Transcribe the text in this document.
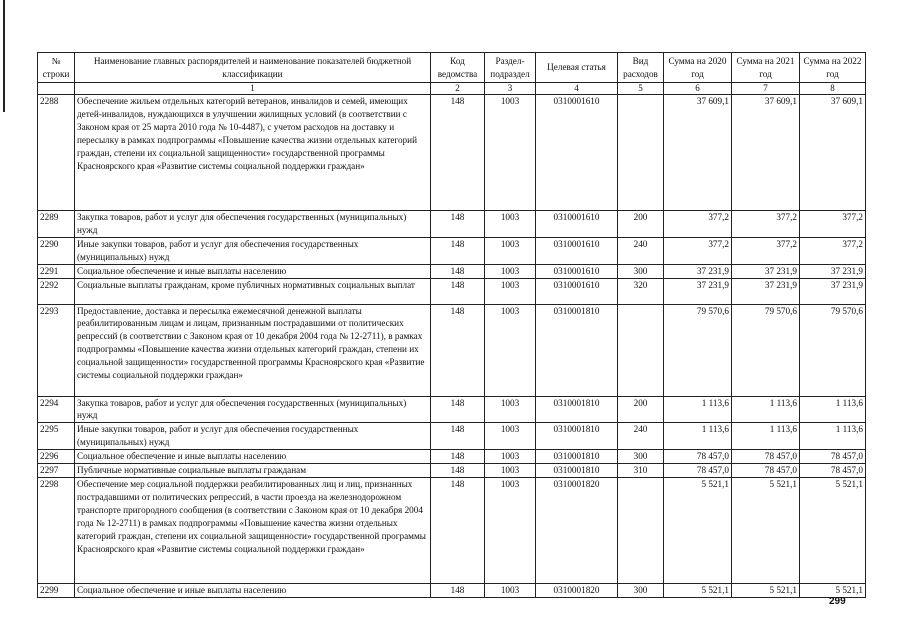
№ строки	Наименование главных распорядителей и наименование показателей бюджетной классификации	Код ведомства	Раздел-подраздел	Целевая статья	Вид расходов	Сумма на 2020 год	Сумма на 2021 год	Сумма на 2022 год
	1	2	3	4	5	6	7	8
2288	Обеспечение жильем отдельных категорий ветеранов, инвалидов и семей, имеющих детей-инвалидов, нуждающихся в улучшении жилищных условий (в соответствии с Законом края от 25 марта 2010 года № 10-4487), с учетом расходов на доставку и пересылку в рамках подпрограммы «Повышение качества жизни отдельных категорий граждан, степени их социальной защищенности» государственной программы Красноярского края «Развитие системы социальной поддержки граждан»	148	1003	0310001610		37 609,1	37 609,1	37 609,1
2289	Закупка товаров, работ и услуг для обеспечения государственных (муниципальных) нужд	148	1003	0310001610	200	377,2	377,2	377,2
2290	Иные закупки товаров, работ и услуг для обеспечения государственных (муниципальных) нужд	148	1003	0310001610	240	377,2	377,2	377,2
2291	Социальное обеспечение и иные выплаты населению	148	1003	0310001610	300	37 231,9	37 231,9	37 231,9
2292	Социальные выплаты гражданам, кроме публичных нормативных социальных выплат	148	1003	0310001610	320	37 231,9	37 231,9	37 231,9
2293	Предоставление, доставка и пересылка ежемесячной денежной выплаты реабилитированным лицам и лицам, признанным пострадавшими от политических репрессий (в соответствии с Законом края от 10 декабря 2004 года № 12-2711), в рамках подпрограммы «Повышение качества жизни отдельных категорий граждан, степени их социальной защищенности» государственной программы Красноярского края «Развитие системы социальной поддержки граждан»	148	1003	0310001810		79 570,6	79 570,6	79 570,6
2294	Закупка товаров, работ и услуг для обеспечения государственных (муниципальных) нужд	148	1003	0310001810	200	1 113,6	1 113,6	1 113,6
2295	Иные закупки товаров, работ и услуг для обеспечения государственных (муниципальных) нужд	148	1003	0310001810	240	1 113,6	1 113,6	1 113,6
2296	Социальное обеспечение и иные выплаты населению	148	1003	0310001810	300	78 457,0	78 457,0	78 457,0
2297	Публичные нормативные социальные выплаты гражданам	148	1003	0310001810	310	78 457,0	78 457,0	78 457,0
2298	Обеспечение мер социальной поддержки реабилитированных лиц и лиц, признанных пострадавшими от политических репрессий, в части проезда на железнодорожном транспорте пригородного сообщения (в соответствии с Законом края от 10 декабря 2004 года № 12-2711) в рамках подпрограммы «Повышение качества жизни отдельных категорий граждан, степени их социальной защищенности» государственной программы Красноярского края «Развитие системы социальной поддержки граждан»	148	1003	0310001820		5 521,1	5 521,1	5 521,1
2299	Социальное обеспечение и иные выплаты населению	148	1003	0310001820	300	5 521,1	5 521,1	5 521,1
299
